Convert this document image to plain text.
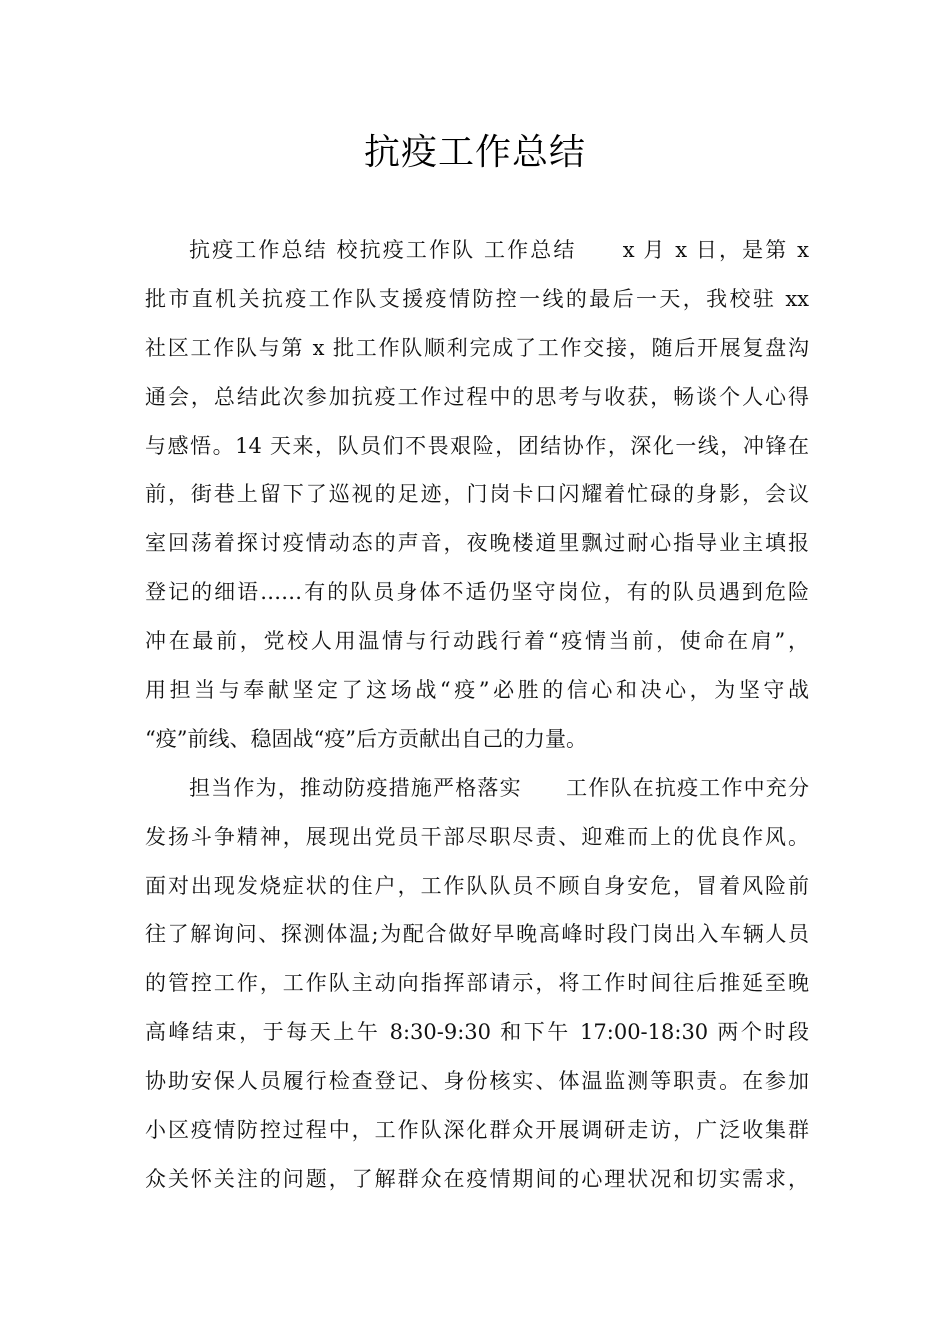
抗疫工作总结
抗疫工作总结 校抗疫工作队 工作总结　　x 月 x 日，是第 x
批市直机关抗疫工作队支援疫情防控一线的最后一天，我校驻 xx
社区工作队与第 x 批工作队顺利完成了工作交接，随后开展复盘沟
通会，总结此次参加抗疫工作过程中的思考与收获，畅谈个人心得
与感悟。14 天来，队员们不畏艰险，团结协作，深化一线，冲锋在
前，街巷上留下了巡视的足迹，门岗卡口闪耀着忙碌的身影，会议
室回荡着探讨疫情动态的声音，夜晚楼道里飘过耐心指导业主填报
登记的细语……有的队员身体不适仍坚守岗位，有的队员遇到危险
冲在最前，党校人用温情与行动践行着“疫情当前，使命在肩”，
用担当与奉献坚定了这场战“疫”必胜的信心和决心，为坚守战
“疫”前线、稳固战“疫”后方贡献出自己的力量。
担当作为，推动防疫措施严格落实　　工作队在抗疫工作中充分
发扬斗争精神，展现出党员干部尽职尽责、迎难而上的优良作风。
面对出现发烧症状的住户，工作队队员不顾自身安危，冒着风险前
往了解询问、探测体温;为配合做好早晚高峰时段门岗出入车辆人员
的管控工作，工作队主动向指挥部请示，将工作时间往后推延至晚
高峰结束，于每天上午 8:30-9:30 和下午 17:00-18:30 两个时段
协助安保人员履行检查登记、身份核实、体温监测等职责。在参加
小区疫情防控过程中，工作队深化群众开展调研走访，广泛收集群
众关怀关注的问题，了解群众在疫情期间的心理状况和切实需求，
